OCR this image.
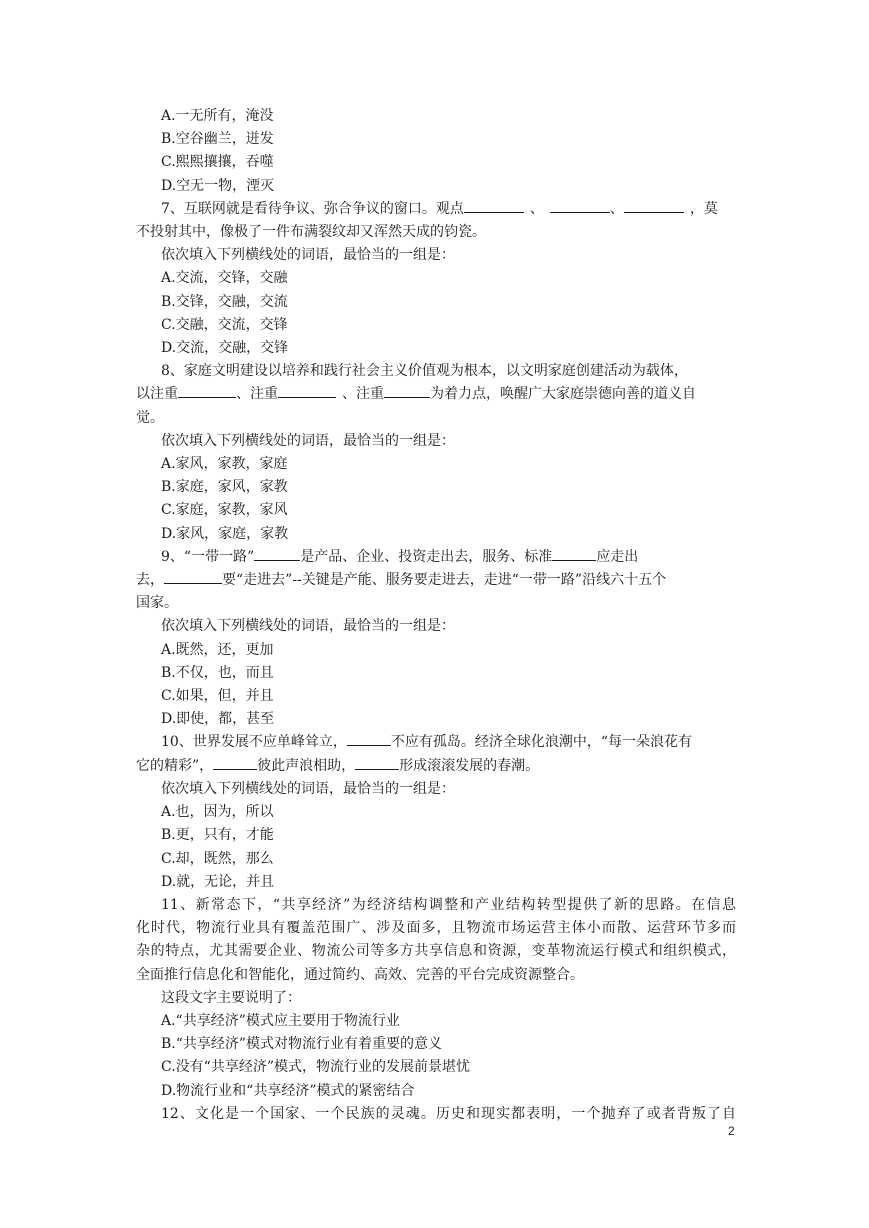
A.一无所有，淹没
B.空谷幽兰，迸发
C.熙熙攘攘，吞噬
D.空无一物，湮灭
7、互联网就是看待争议、弥合争议的窗口。观点	、	、	，莫
不投射其中，像极了一件布满裂纹却又浑然天成的钧瓷。
依次填入下列横线处的词语，最恰当的一组是：
A.交流，交锋，交融
B.交锋，交融，交流
C.交融，交流，交锋
D.交流，交融，交锋
8、家庭文明建设以培养和践行社会主义价值观为根本，以文明家庭创建活动为载体，
以注重	、注重	、注重	为着力点，唤醒广大家庭崇德向善的道义自
觉。
依次填入下列横线处的词语，最恰当的一组是：
A.家风，家教，家庭
B.家庭，家风，家教
C.家庭，家教，家风
D.家风，家庭，家教
9、“一带一路”	是产品、企业、投资走出去，服务、标准	应走出
去，	要“走进去”--关键是产能、服务要走进去，走进“一带一路”沿线六十五个
国家。
依次填入下列横线处的词语，最恰当的一组是：
A.既然，还，更加
B.不仅，也，而且
C.如果，但，并且
D.即使，都，甚至
10、世界发展不应单峰耸立，	不应有孤岛。经济全球化浪潮中，“每一朵浪花有
它的精彩”，	彼此声浪相助，	形成滚滚发展的春潮。
依次填入下列横线处的词语，最恰当的一组是：
A.也，因为，所以
B.更，只有，才能
C.却，既然，那么
D.就，无论，并且
11、新常态下，“共享经济”为经济结构调整和产业结构转型提供了新的思路。在信息
化时代，物流行业具有覆盖范围广、涉及面多，且物流市场运营主体小而散、运营环节多而
杂的特点，尤其需要企业、物流公司等多方共享信息和资源，变革物流运行模式和组织模式，
全面推行信息化和智能化，通过简约、高效、完善的平台完成资源整合。
这段文字主要说明了：
A.“共享经济”模式应主要用于物流行业
B.“共享经济”模式对物流行业有着重要的意义
C.没有“共享经济”模式，物流行业的发展前景堪忧
D.物流行业和“共享经济”模式的紧密结合
12、文化是一个国家、一个民族的灵魂。历史和现实都表明，一个抛弃了或者背叛了自
2
